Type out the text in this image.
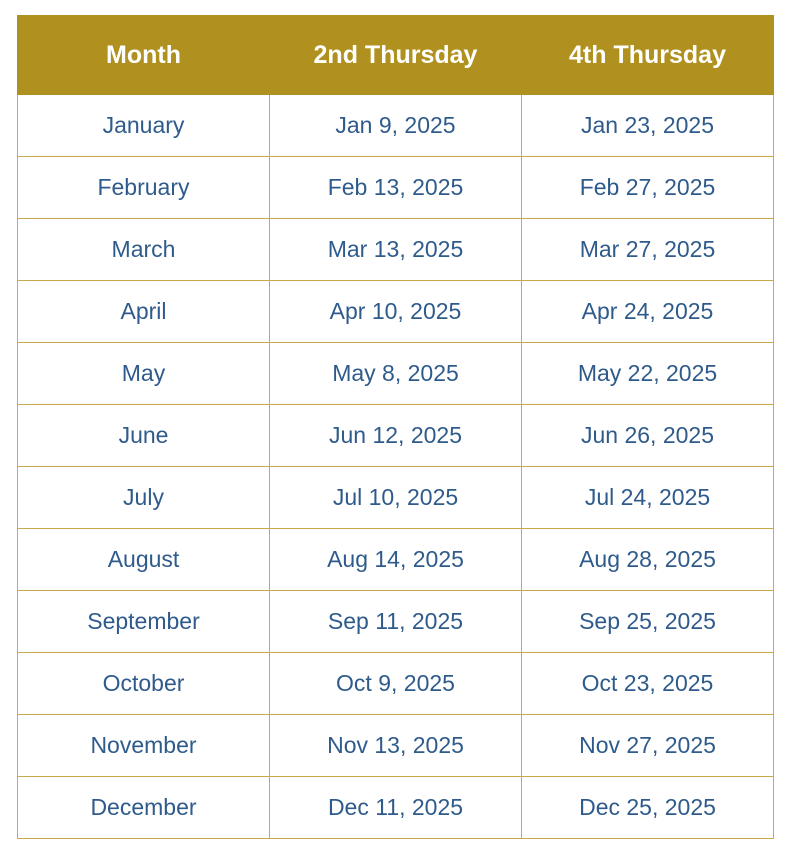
Month	2nd Thursday	4th Thursday
January	Jan 9, 2025	Jan 23, 2025
February	Feb 13, 2025	Feb 27, 2025
March	Mar 13, 2025	Mar 27, 2025
April	Apr 10, 2025	Apr 24, 2025
May	May 8, 2025	May 22, 2025
June	Jun 12, 2025	Jun 26, 2025
July	Jul 10, 2025	Jul 24, 2025
August	Aug 14, 2025	Aug 28, 2025
September	Sep 11, 2025	Sep 25, 2025
October	Oct 9, 2025	Oct 23, 2025
November	Nov 13, 2025	Nov 27, 2025
December	Dec 11, 2025	Dec 25, 2025
